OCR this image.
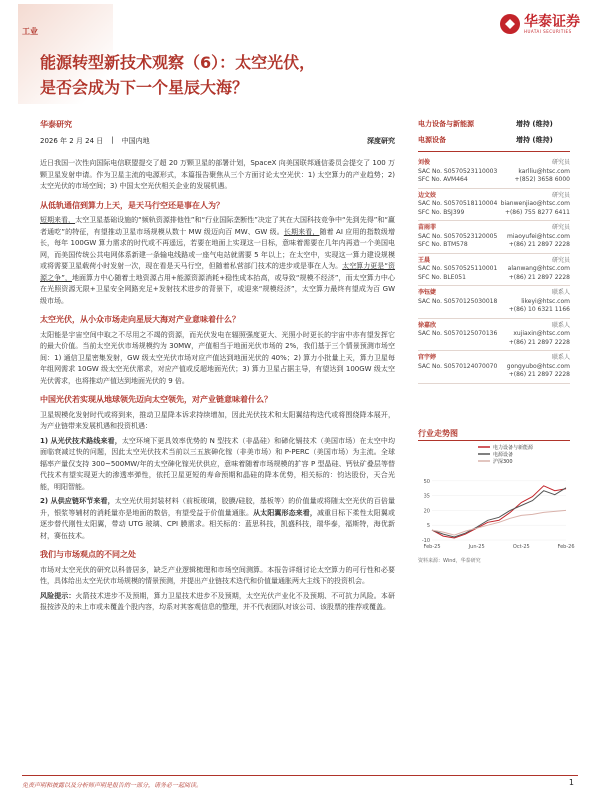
工业
华泰证券
HUATAI SECURITIES
能源转型新技术观察（6）：太空光伏，
是否会成为下一个星辰大海？
华泰研究
2026 年 2 月 24 日 | 中国内地	深度研究

近日我国一次性向国际电信联盟提交了超 20 万颗卫星的部署计划，SpaceX 向美国联邦通信委员会提交了 100 万颗卫星发射申请。作为卫星主流的电源形式，本篇报告聚焦从三个方面讨论太空光伏：1) 太空算力的产业趋势；2) 太空光伏的市场空间；3) 中国太空光伏相关企业的发展机遇。

从低轨通信到算力上天，是天马行空还是事在人为？

短期来看，太空卫星基础设施的“频轨资源排他性”和“行业国际垄断性”决定了其在大国科技竞争中“先到先得”和“赢者通吃”的特征，有望推动卫星市场规模从数十 MW 级迈向百 MW、GW 级。长期来看，随着 AI 应用的指数级增长，每年 100GW 算力需求的时代或不再遥远，若要在地面上实现这一目标，意味着需要在几年内再造一个美国电网，而美国传统公共电网体系新建一条输电线路或一座气电站就需要 5 年以上；在太空中，实现这一算力建设规模或将需要卫星载荷小时发射一次，现在看是天马行空，但随着私营部门技术的进步或是事在人为。太空算力更是“资源之争”，地面算力中心随着土地资源占用+能源资源消耗+稳性成本抬高，或导致“规模不经济”，而太空算力中心在光照资源无限+卫星安全网路充足+发射技术进步的背景下，或迎来“规模经济”，太空算力最终有望成为百 GW 级市场。

太空光伏，从小众市场走向星辰大海对产业意味着什么？

太阳能是宇宙空间中取之不尽用之不竭的资源，而光伏发电在辐照强度更大、光照小时更长的宇宙中亦有望发挥它的最大价值。当前太空光伏市场规模约为 30MW，产值相当于地面光伏市场的 2%，我们基于三个情景预测市场空间：1) 通信卫星密集发射，GW 级太空光伏市场对应产值达到地面光伏的 40%；2) 算力小批量上天，算力卫星每年组网需求 10GW 级太空光伏需求，对应产值或反超地面光伏；3) 算力卫星占据主导，有望达到 100GW 级太空光伏需求，也将推动产值达到地面光伏的 9 倍。

中国光伏若实现从地球领先迈向太空领先，对产业链意味着什么？

卫星规模化发射时代或将到来，推动卫星降本诉求持续增加，因此光伏技术和太阳翼结构迭代或将围绕降本展开，为产业链带来发展机遇和投资机遇：

1) 从光伏技术路线来看，太空环境下更具效率优势的 N 型技术（非晶硅）和碲化镉技术（美国市场）在太空中均面临衰减过快的问题，因此太空光伏技术当前以三五族砷化镓（非美市场）和 P-PERC（美国市场）为主流。全球辐率产量仅支持 300~500MW/年的太空砷化镓光伏供应，意味着随着市场规模的扩容 P 型晶硅、钙钛矿叠层等替代技术有望实现更大的渗透率弹性，依托卫星更短的寿命预期和晶硅的降本优势，相关标的：钧达股份，天合光能，明阳智能。

2) 从供应链环节来看，太空光伏用封装材料（前板玻璃，胶膜/硅胶，基板等）的价值量或将随太空光伏的百倍量升，银浆等辅材的消耗量亦是地面的数倍，有望受益于价值量通胀。从太阳翼形态来看，减重目标下柔性太阳翼或逐步替代刚性太阳翼，带动 UTG 玻璃、CPI 膜需求。相关标的：蓝思科技，凯盛科技，瑞华泰，福斯特，海优新材，赛伍技术。

我们与市场观点的不同之处

市场对太空光伏的研究以科普居多，缺乏产业逻辑梳理和市场空间测算。本报告详细讨论太空算力的可行性和必要性，具体给出太空光伏市场规模的情景预测，并提出产业链技术迭代和价值量通胀两大主线下的投资机会。

风险提示：火箭技术进步不及预期，算力卫星技术进步不及预期，太空光伏产业化不及预期、不可抗力风险。本研报按涉及的未上市或未覆盖个股内容，均系对其客观信息的整理，并不代表团队对该公司、该股票的推荐或覆盖。

电力设备与新能源	增持 (维持)
电源设备	增持 (维持)
刘俊	研究员
SAC No. S0570523110003	karlliu@htsc.com
SFC No. AVM464	+(852) 3658 6000
边文姣	研究员
SAC No. S0570518110004 bianwenjiao@htsc.com
SFC No. BSJ399	+(86) 755 8277 6411
苗雨菲	研究员
SAC No. S0570523120005 miaoyufei@htsc.com
SFC No. BTM578	+(86) 21 2897 2228
王晨	研究员
SAC No. S0570525110001 alanwang@htsc.com
SFC No. BLE051	+(86) 21 2897 2228
李钰婕	联系人
SAC No. S0570125030018	likeyi@htsc.com
+(86) 10 6321 1166
徐嘉欣	联系人
SAC No. S0570125070136	xujiaxin@htsc.com
+(86) 21 2897 2228
宫宇婷	联系人
SAC No. S0570124070070 gongyubo@htsc.com
+(86) 21 2897 2228
行业走势图
电力设备与新能源
电源设备
沪深300
-10
5
20
35
50
Feb-25	Jun-25	Oct-25	Feb-26
资料来源：Wind，华泰研究
免责声明和披露以及分析师声明是报告的一部分，请务必一起阅读。	1
